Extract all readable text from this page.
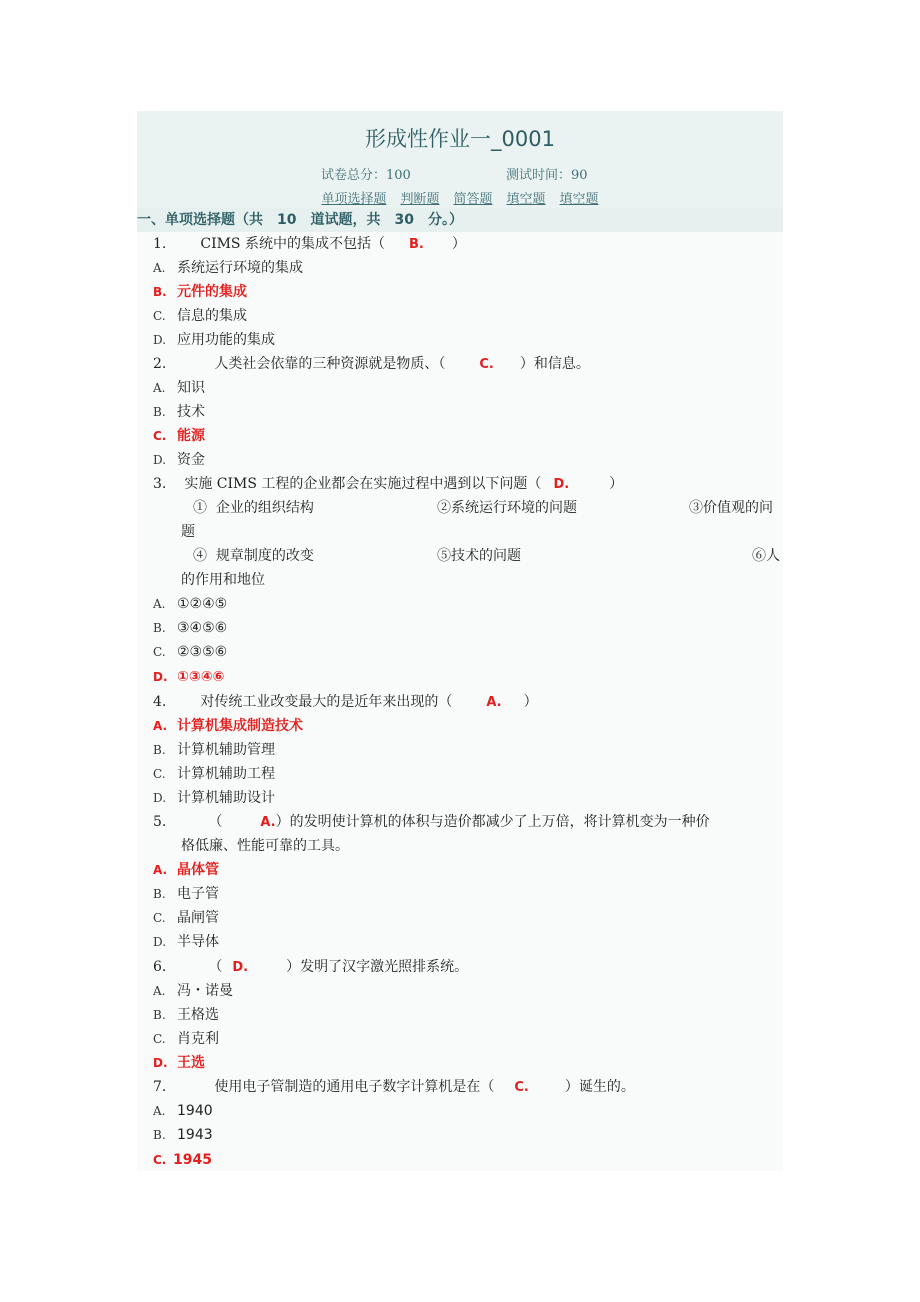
形成性作业一_0001
试卷总分：100	测试时间：90
单项选择题 判断题 简答题 填空题 填空题
一、单项选择题（共　10　道试题，共　30　分。）
1. CIMS 系统中的集成不包括（ B. ）
A. 系统运行环境的集成
B. 元件的集成
C. 信息的集成
D. 应用功能的集成
2.	人类社会依靠的三种资源就是物质、（	C. ）和信息。
A. 知识
B. 技术
C. 能源
D. 资金
3. 实施 CIMS 工程的企业都会在实施过程中遇到以下问题（ D.	）
①  企业的组织结构	②系统运行环境的问题	③价值观的问
题
④  规章制度的改变	⑤技术的问题	⑥人
的作用和地位
A. ①②④⑤
B. ③④⑤⑥
C. ②③⑤⑥
D. ①③④⑥
4. 对传统工业改变最大的是近年来出现的（	A. ）
A. 计算机集成制造技术
B. 计算机辅助管理
C. 计算机辅助工程
D. 计算机辅助设计
5.	（	A.）的发明使计算机的体积与造价都减少了上万倍，将计算机变为一种价
格低廉、性能可靠的工具。
A. 晶体管
B. 电子管
C. 晶闸管
D. 半导体
6.	（ D.	）发明了汉字激光照排系统。
A. 冯・诺曼
B. 王格选
C. 肖克利
D. 王选
7.	使用电子管制造的通用电子数字计算机是在（ C.	）诞生的。
A. 1940
B. 1943
C. 1945
